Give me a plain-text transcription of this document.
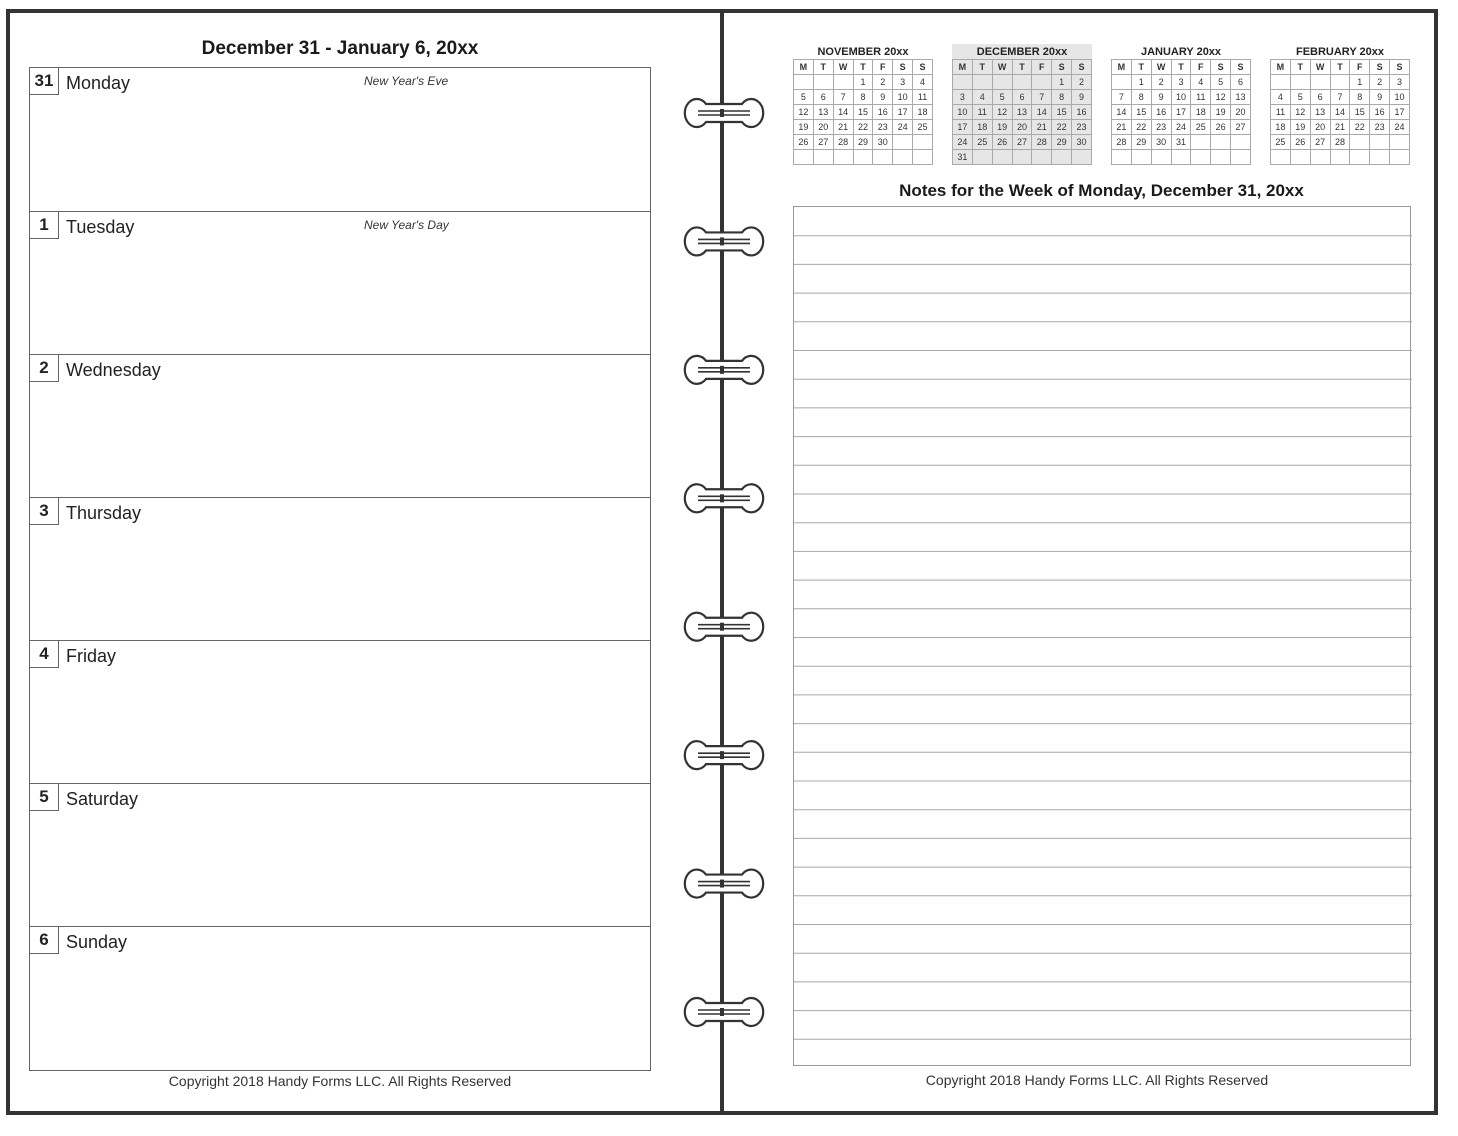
December 31 - January 6, 20xx
31 Monday	New Year's Eve
1 Tuesday	New Year's Day
2 Wednesday
3 Thursday
4 Friday
5 Saturday
6 Sunday
Copyright 2018 Handy Forms LLC. All Rights Reserved
NOVEMBER 20xx
M	T	W	T	F	S	S
			1	2	3	4
5	6	7	8	9	10	11
12	13	14	15	16	17	18
19	20	21	22	23	24	25
26	27	28	29	30		

DECEMBER 20xx
M	T	W	T	F	S	S
					1	2
3	4	5	6	7	8	9
10	11	12	13	14	15	16
17	18	19	20	21	22	23
24	25	26	27	28	29	30
31						
JANUARY 20xx
M	T	W	T	F	S	S
	1	2	3	4	5	6
7	8	9	10	11	12	13
14	15	16	17	18	19	20
21	22	23	24	25	26	27
28	29	30	31			

FEBRUARY 20xx
M	T	W	T	F	S	S
				1	2	3
4	5	6	7	8	9	10
11	12	13	14	15	16	17
18	19	20	21	22	23	24
25	26	27	28			

Notes for the Week of Monday, December 31, 20xx
Copyright 2018 Handy Forms LLC. All Rights Reserved
